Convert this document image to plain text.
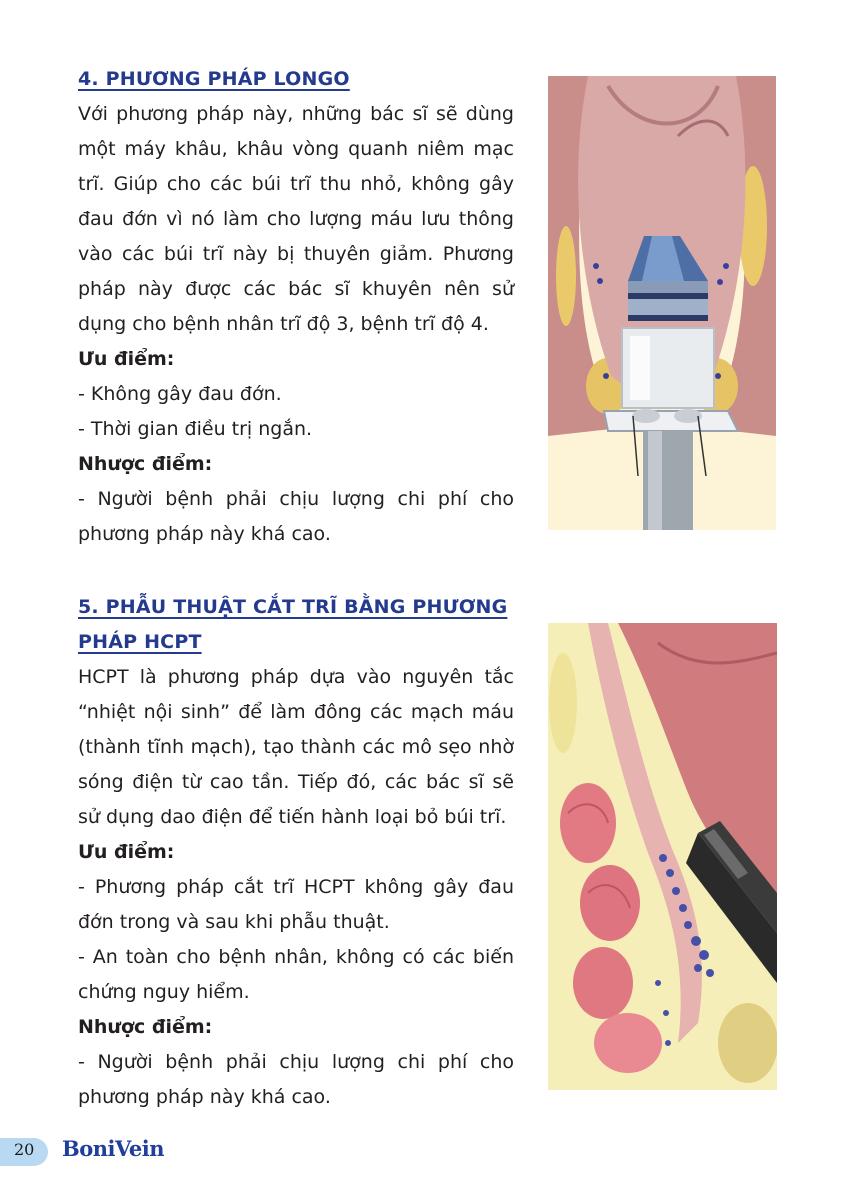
4. PHƯƠNG PHÁP LONGO

Với phương pháp này, những bác sĩ sẽ dùng một máy khâu, khâu vòng quanh niêm mạc trĩ. Giúp cho các búi trĩ thu nhỏ, không gây đau đớn vì nó làm cho lượng máu lưu thông vào các búi trĩ này bị thuyên giảm. Phương pháp này được các bác sĩ khuyên nên sử dụng cho bệnh nhân trĩ độ 3, bệnh trĩ độ 4.

Ưu điểm:

- Không gây đau đớn.

- Thời gian điều trị ngắn.

Nhược điểm:

- Người bệnh phải chịu lượng chi phí cho phương pháp này khá cao.

5. PHẪU THUẬT CẮT TRĨ BẰNG PHƯƠNG PHÁP HCPT

HCPT là phương pháp dựa vào nguyên tắc “nhiệt nội sinh” để làm đông các mạch máu (thành tĩnh mạch), tạo thành các mô sẹo nhờ sóng điện từ cao tần. Tiếp đó, các bác sĩ sẽ sử dụng dao điện để tiến hành loại bỏ búi trĩ.

Ưu điểm:

- Phương pháp cắt trĩ HCPT không gây đau đớn trong và sau khi phẫu thuật.

- An toàn cho bệnh nhân, không có các biến chứng nguy hiểm.

Nhược điểm:

- Người bệnh phải chịu lượng chi phí cho phương pháp này khá cao.

20 BoniVein
